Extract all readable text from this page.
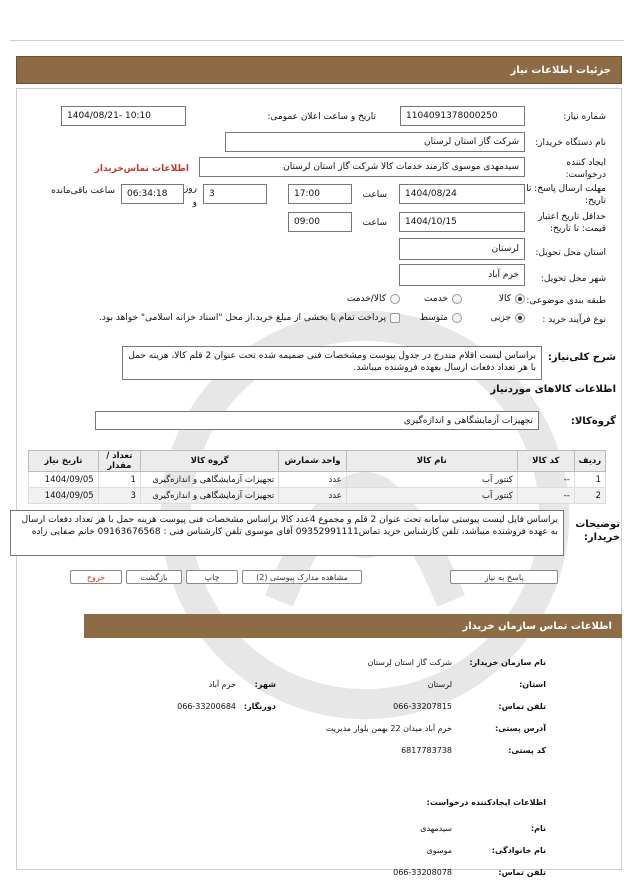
جزئیات اطلاعات نیاز
شماره نیاز:
1104091378000250
تاریخ و ساعت اعلان عمومی:
1404/08/21- 10:10
نام دستگاه خریدار:
شرکت گاز استان لرستان
ایجاد کننده
درخواست:
سیدمهدی موسوی کارمند خدمات کالا شرکت گاز استان لرستان
اطلاعات تماس‌خریدار
مهلت ارسال پاسخ: تا
تاریخ:
1404/08/24
ساعت
17:00
3
روز
و
06:34:18
ساعت باقی‌مانده
حداقل تاریخ اعتبار
قیمت: تا تاریخ:
1404/10/15
ساعت
09:00
استان محل تحویل:
لرستان
شهر محل تحویل:
خرم آباد
طبقه بندی موضوعی:
کالا
خدمت
کالا/خدمت
نوع فرآیند خرید :
جزیی
متوسط
پرداخت تمام یا بخشی از مبلغ خرید،از محل "اسناد خزانه اسلامی" خواهد بود.
شرح کلی‌نیاز:
براساس لیست اقلام مندرج در جدول پیوست ومشخصات فنی ضمیمه شده تحت عنوان 2 قلم کالا، هزینه حمل با هر تعداد دفعات ارسال بعهده فروشنده میباشد.
اطلاعات کالاهای موردنیاز
گروه‌کالا:
تجهیزات آزمایشگاهی و اندازه‌گیری
ردیف	کد کالا	نام کالا	واحد شمارش	گروه کالا	تعداد / مقدار	تاریخ نیاز
1	--	کنتور آب	عدد	تجهیزات آزمایشگاهی و اندازه‌گیری	1	1404/09/05
2	--	کنتور آب	عدد	تجهیزات آزمایشگاهی و اندازه‌گیری	3	1404/09/05
توضیحات خریدار:
براساس فایل لیست پیوستی سامانه تحت عنوان 2 قلم و مجموع 4عدد کالا براساس مشخصات فنی پیوست هزینه حمل با هر تعداد دفعات ارسال به عهده فروشنده میباشد، تلفن کارشناس خرید تماس09352991111 آقای موسوی تلفن کارشناس فنی : 09163676568 خانم صفایی زاده
پاسخ به نیاز
مشاهده مدارک پیوستی (2)
چاپ
بازگشت
خروج
اطلاعات تماس سازمان خریدار
نام سازمان خریدار:
شرکت گاز استان لرستان
استان:
لرستان
شهر:
خرم آباد
تلفن تماس:
066-33207815
دورنگار:
066-33200684
آدرس پستی:
خرم آباد میدان 22 بهمن بلوار مدیریت
کد پستی:
6817783738
اطلاعات ایجادکننده درخواست:
نام:
سیدمهدی
نام خانوادگی:
موسوی
تلفن تماس:
066-33208078
